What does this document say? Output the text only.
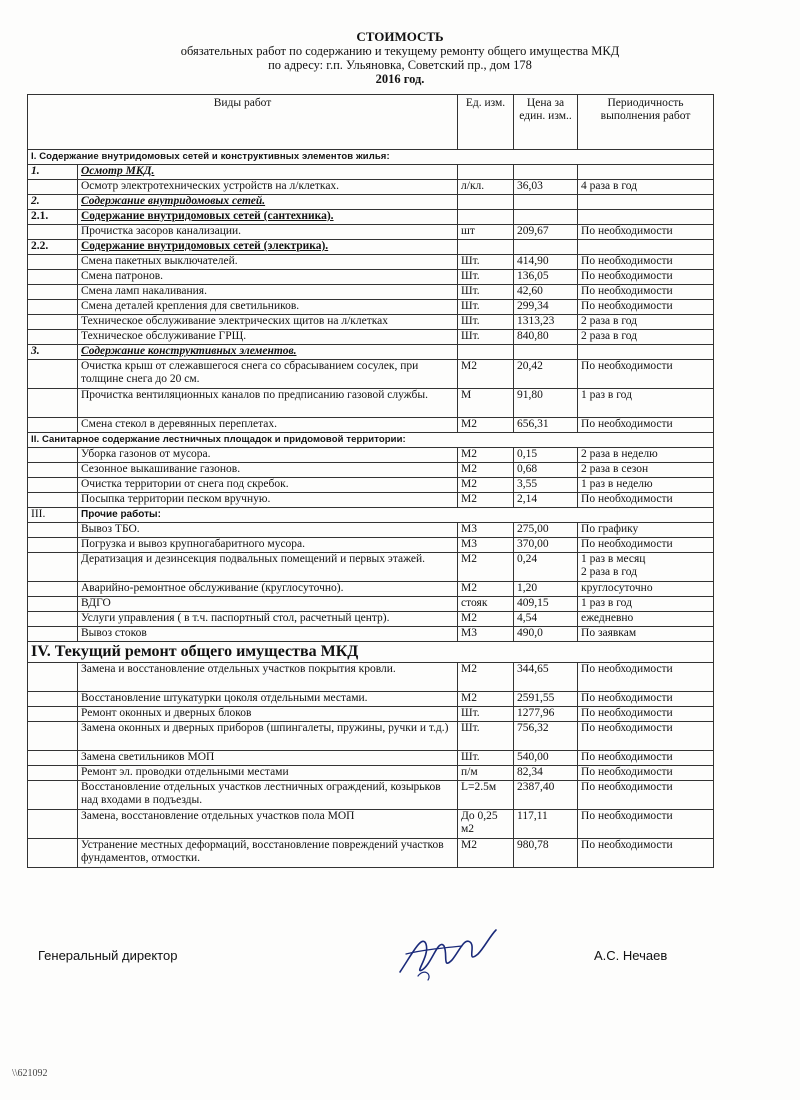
СТОИМОСТЬ
обязательных работ по содержанию и текущему ремонту общего имущества МКД
по адресу: г.п. Ульяновка, Советский пр., дом 178
2016 год.
Виды работ		Ед. изм.	Цена за един. изм..	Периодичность выполнения работ
I. Содержание внутридомовых сетей и конструктивных элементов жилья:				
1.	Осмотр МКД.			
	Осмотр электротехнических устройств на л/клетках.	л/кл.	36,03	4 раза в год
2.	Содержание внутридомовых сетей.			
2.1.	Содержание внутридомовых сетей (сантехника).			
	Прочистка засоров канализации.	шт	209,67	По необходимости
2.2.	Содержание внутридомовых сетей (электрика).			
	Смена пакетных выключателей.	Шт.	414,90	По необходимости
	Смена патронов.	Шт.	136,05	По необходимости
	Смена ламп накаливания.	Шт.	42,60	По необходимости
	Смена деталей крепления для светильников.	Шт.	299,34	По необходимости
	Техническое обслуживание электрических щитов на л/клетках	Шт.	1313,23	2 раза в год
	Техническое обслуживание ГРЩ.	Шт.	840,80	2 раза в год
3.	Содержание конструктивных элементов.			
	Очистка крыш от слежавшегося снега со сбрасыванием сосулек, при толщине снега до 20 см.	М2	20,42	По необходимости
	Прочистка вентиляционных каналов по предписанию газовой службы.	М	91,80	1 раз в год
	Смена стекол в деревянных переплетах.	М2	656,31	По необходимости
II. Санитарное содержание лестничных площадок и придомовой территории:				
	Уборка газонов от мусора.	М2	0,15	2 раза в неделю
	Сезонное выкашивание газонов.	М2	0,68	2 раза в сезон
	Очистка территории от снега под скребок.	М2	3,55	1 раз в неделю
	Посыпка территории песком вручную.	М2	2,14	По необходимости
III.	Прочие работы:			
	Вывоз ТБО.	М3	275,00	По графику
	Погрузка и вывоз крупногабаритного мусора.	М3	370,00	По необходимости
	Дератизация и дезинсекция подвальных помещений и первых этажей.	М2	0,24	1 раз в месяц
2 раза в год
	Аварийно-ремонтное обслуживание (круглосуточно).	М2	1,20	круглосуточно
	ВДГО	стояк	409,15	1 раз в год
	Услуги управления ( в т.ч. паспортный стол, расчетный центр).	М2	4,54	ежедневно
	Вывоз стоков	М3	490,0	По заявкам
IV. Текущий ремонт общего имущества МКД				
	Замена и восстановление отдельных участков покрытия кровли.	М2	344,65	По необходимости
	Восстановление штукатурки цоколя отдельными местами.	М2	2591,55	По необходимости
	Ремонт оконных и дверных блоков	Шт.	1277,96	По необходимости
	Замена оконных и дверных приборов (шпингалеты, пружины, ручки и т.д.)	Шт.	756,32	По необходимости
	Замена светильников МОП	Шт.	540,00	По необходимости
	Ремонт эл. проводки отдельными местами	п/м	82,34	По необходимости
	Восстановление отдельных участков лестничных ограждений, козырьков над входами в подъезды.	L=2.5м	2387,40	По необходимости
	Замена, восстановление отдельных участков пола МОП	До 0,25 м2	117,11	По необходимости
	Устранение местных деформаций, восстановление повреждений участков фундаментов, отмостки.	М2	980,78	По необходимости
Генеральный директор	А.С. Нечаев
\\621092
